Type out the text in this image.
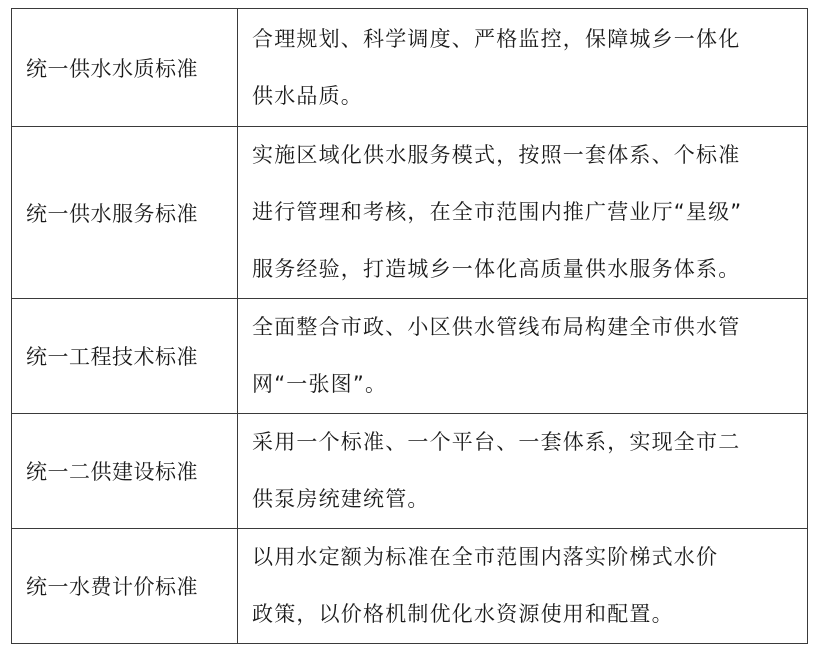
统一供水水质标准	合理规划、科学调度、严格监控，保障城乡一体化
供水品质。

统一供水服务标准	实施区域化供水服务模式，按照一套体系、个标准
进行管理和考核，在全市范围内推广营业厅“星级”
服务经验，打造城乡一体化高质量供水服务体系。

统一工程技术标准	全面整合市政、小区供水管线布局构建全市供水管
网“一张图”。

统一二供建设标准	采用一个标准、一个平台、一套体系，实现全市二
供泵房统建统管。

统一水费计价标准	以用水定额为标准在全市范围内落实阶梯式水价
政策，以价格机制优化水资源使用和配置。
